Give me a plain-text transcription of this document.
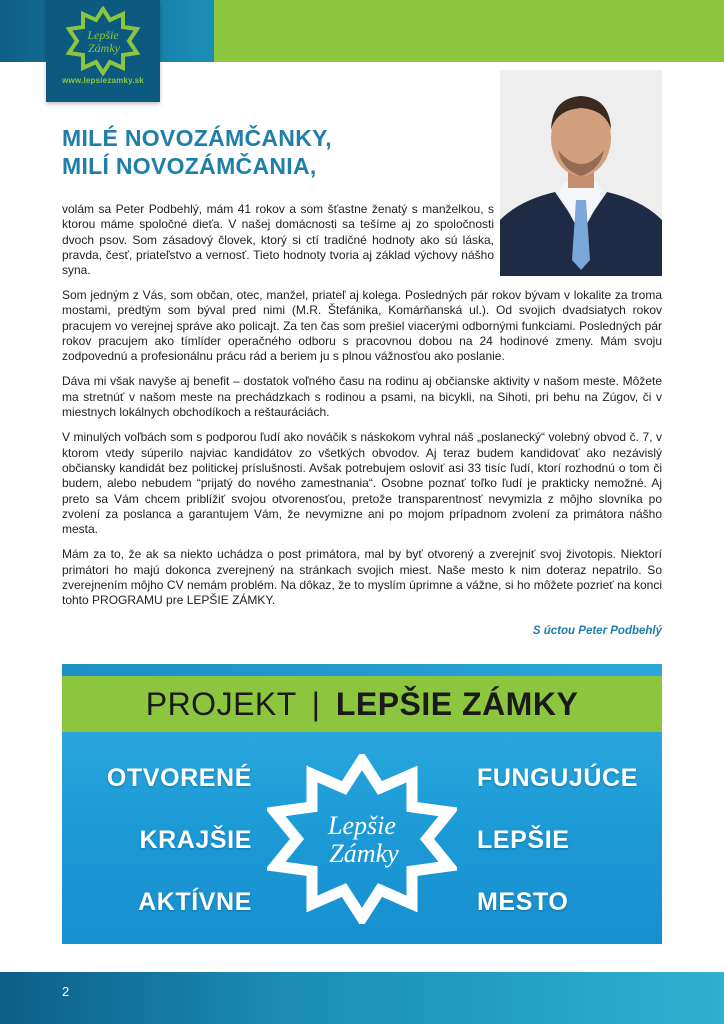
Lepšie
Zámky
www.lepsiezamky.sk
MILÉ NOVOZÁMČANKY,
MILÍ NOVOZÁMČANIA,

volám sa Peter Podbehlý, mám 41 rokov a som šťastne ženatý s manželkou, s ktorou máme spoločné dieťa. V našej domácnosti sa tešíme aj zo spoločnosti dvoch psov. Som zásadový človek, ktorý si ctí tradičné hodnoty ako sú láska, pravda, česť, priateľstvo a vernosť. Tieto hodnoty tvoria aj základ výchovy nášho syna.

Som jedným z Vás, som občan, otec, manžel, priateľ aj kolega. Posledných pár rokov bývam v lokalite za troma mostami, predtým som býval pred nimi (M.R. Štefánika, Komárňanská ul.). Od svojich dvadsiatych rokov pracujem vo verejnej správe ako policajt. Za ten čas som prešiel viacerými odbornými funkciami. Posledných pár rokov pracujem ako tímlíder operačného odboru s pracovnou dobou na 24 hodinové zmeny. Mám svoju zodpovednú a profesionálnu prácu rád a beriem ju s plnou vážnosťou ako poslanie.

Dáva mi však navyše aj benefit – dostatok voľného času na rodinu aj občianske aktivity v našom meste. Môžete ma stretnúť v našom meste na prechádzkach s rodinou a psami, na bicykli, na Sihoti, pri behu na Zúgov, či v miestnych lokálnych obchodíkoch a reštauráciách.

V minulých voľbách som s podporou ľudí ako nováčik s náskokom vyhral náš „poslanecký“ volebný obvod č. 7, v ktorom vtedy súperilo najviac kandidátov zo všetkých obvodov. Aj teraz budem kandidovať ako nezávislý občiansky kandidát bez politickej príslušnosti. Avšak potrebujem osloviť asi 33 tisíc ľudí, ktorí rozhodnú o tom či budem, alebo nebudem “prijatý do nového zamestnania“. Osobne poznať toľko ľudí je prakticky nemožné. Aj preto sa Vám chcem priblížiť svojou otvorenosťou, pretože transparentnosť nevymizla z môjho slovníka po zvolení za poslanca a garantujem Vám, že nevymizne ani po mojom prípadnom zvolení za primátora nášho mesta.

Mám za to, že ak sa niekto uchádza o post primátora, mal by byť otvorený a zverejniť svoj životopis. Niektorí primátori ho majú dokonca zverejnený na stránkach svojich miest. Naše mesto k nim doteraz nepatrilo. So zverejnením môjho CV nemám problém. Na dôkaz, že to myslím úprimne a vážne, si ho môžete pozrieť na konci tohto PROGRAMU pre LEPŠIE ZÁMKY.

S úctou Peter Podbehlý
PROJEKT | LEPŠIE ZÁMKY
OTVORENÉ
KRAJŠIE
AKTÍVNE
FUNGUJÚCE
LEPŠIE
MESTO
Lepšie
Zámky
2
